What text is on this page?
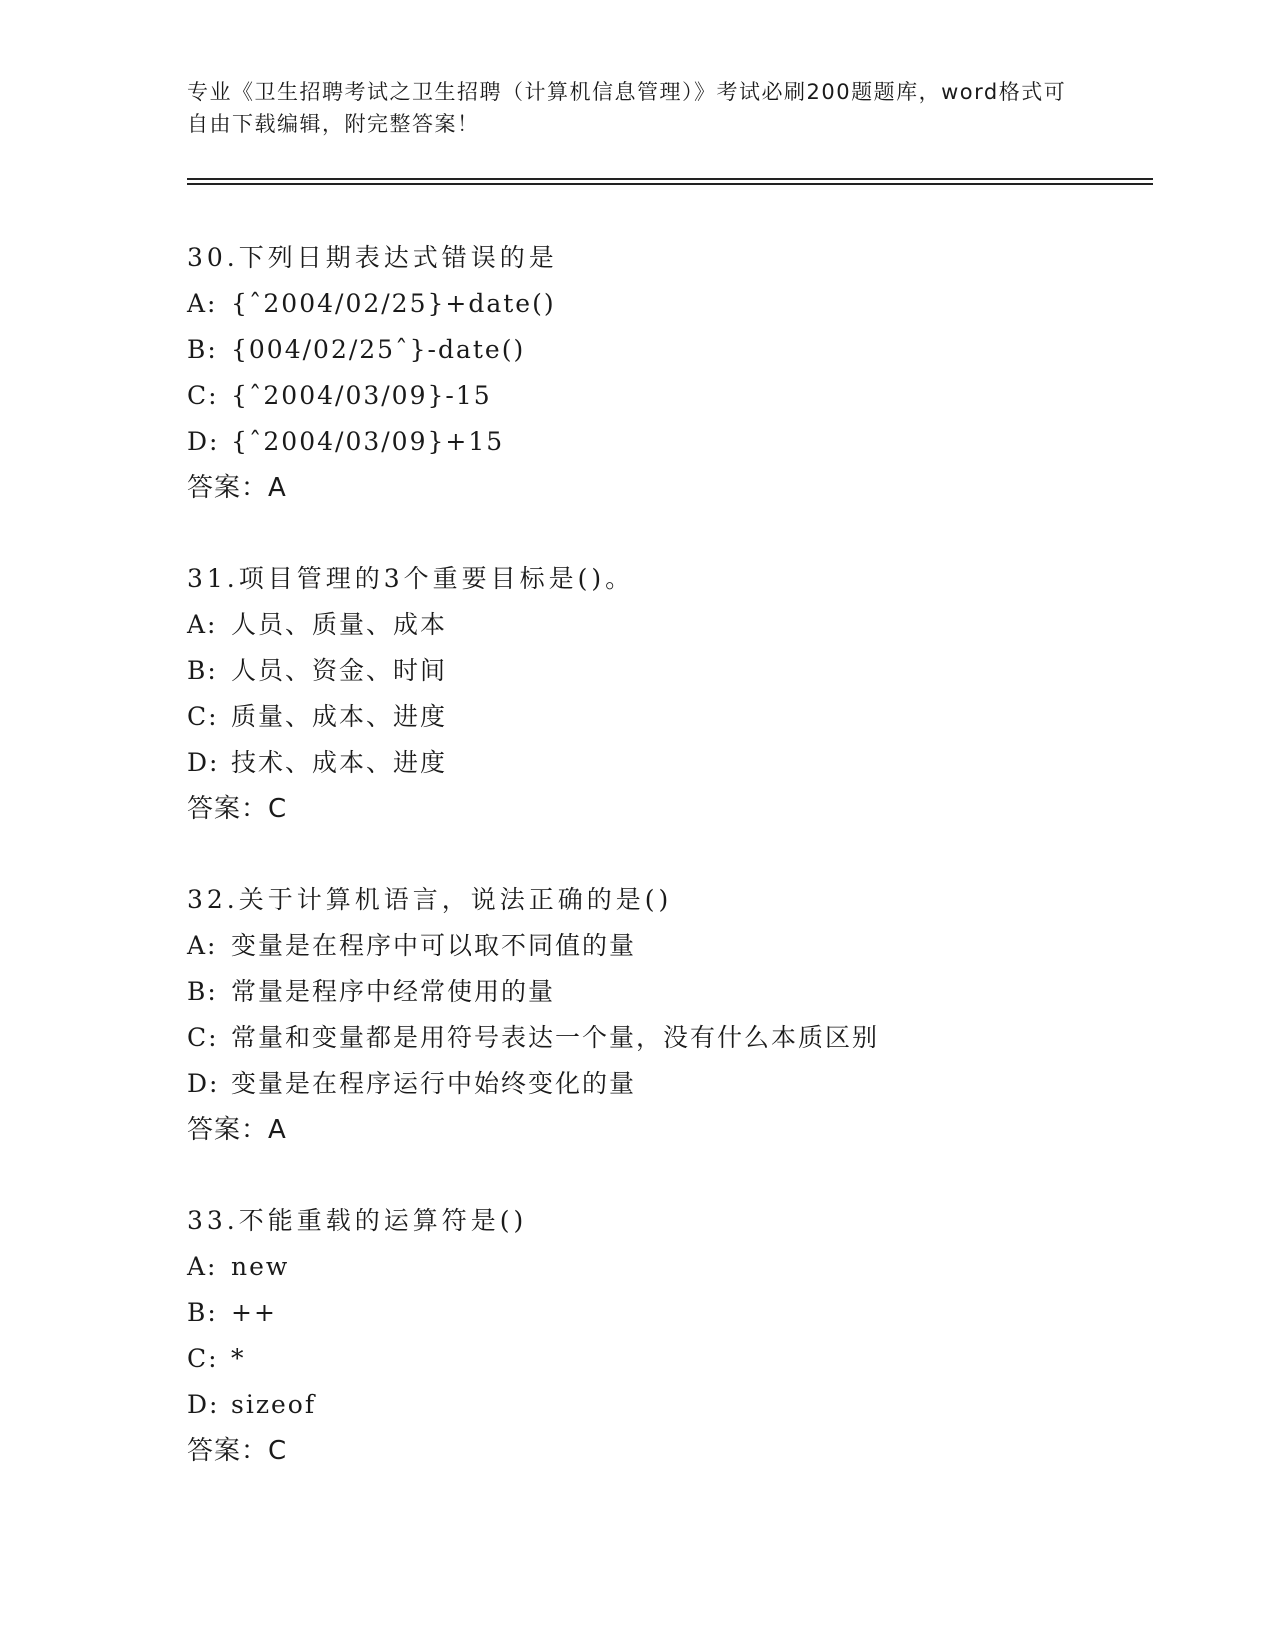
专业《卫生招聘考试之卫生招聘（计算机信息管理）》考试必刷200题题库，word格式可自由下载编辑，附完整答案！

30.下列日期表达式错误的是
A: {ˆ2004/02/25}+date()
B: {004/02/25ˆ}-date()
C: {ˆ2004/03/09}-15
D: {ˆ2004/03/09}+15
答案：A
31.项目管理的3个重要目标是()。
A: 人员、质量、成本
B: 人员、资金、时间
C: 质量、成本、进度
D: 技术、成本、进度
答案：C
32.关于计算机语言，说法正确的是()
A: 变量是在程序中可以取不同值的量
B: 常量是程序中经常使用的量
C: 常量和变量都是用符号表达一个量，没有什么本质区别
D: 变量是在程序运行中始终变化的量
答案：A
33.不能重载的运算符是()
A: new
B: ++
C: *
D: sizeof
答案：C
